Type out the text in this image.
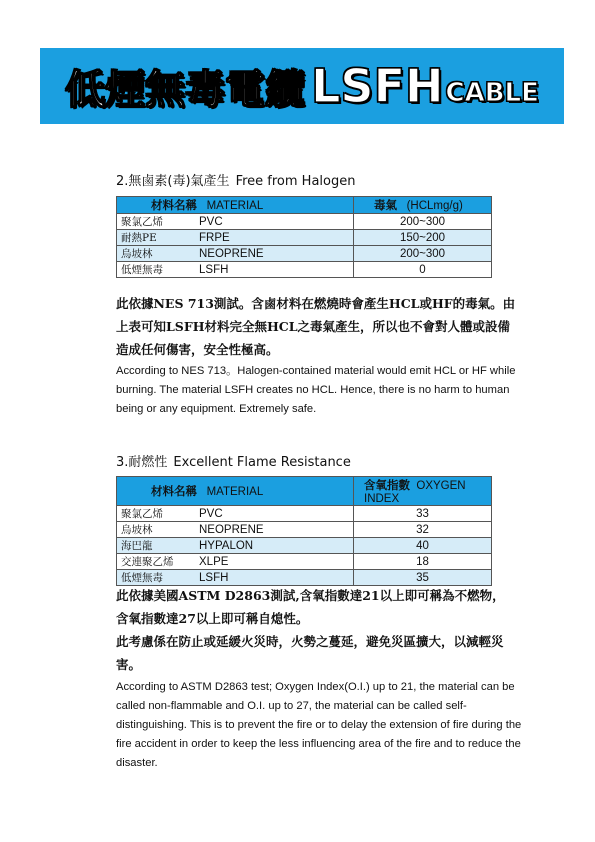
低煙無毒電纜 LSFH CABLE
2.無鹵素(毒)氣產生 Free from Halogen
材料名稱 MATERIAL	毒氣 (HCLmg/g)
聚氯乙烯 PVC	200~300
耐熱PE FRPE	150~200
烏坡林 NEOPRENE	200~300
低煙無毒 LSFH	0
此依據NES 713測試。含鹵材料在燃燒時會產生HCL或HF的毒氣。由上表可知LSFH材料完全無HCL之毒氣產生，所以也不會對人體或設備造成任何傷害，安全性極高。
According to NES 713。Halogen-contained material would emit HCL or HF while burning. The material LSFH creates no HCL. Hence, there is no harm to human being or any equipment. Extremely safe.
3.耐燃性 Excellent Flame Resistance
材料名稱 MATERIAL	含氧指數 OXYGEN INDEX
聚氯乙烯 PVC	33
烏坡林 NEOPRENE	32
海巴龍 HYPALON	40
交連聚乙烯 XLPE	18
低煙無毒 LSFH	35
此依據美國ASTM D2863測試,含氧指數達21以上即可稱為不燃物，含氧指數達27以上即可稱自熄性。
此考慮係在防止或延緩火災時，火勢之蔓延，避免災區擴大，以減輕災害。
According to ASTM D2863 test; Oxygen Index(O.I.) up to 21, the material can be called non-flammable and O.I. up to 27, the material can be called self-distinguishing. This is to prevent the fire or to delay the extension of fire during the fire accident in order to keep the less influencing area of the fire and to reduce the disaster.
